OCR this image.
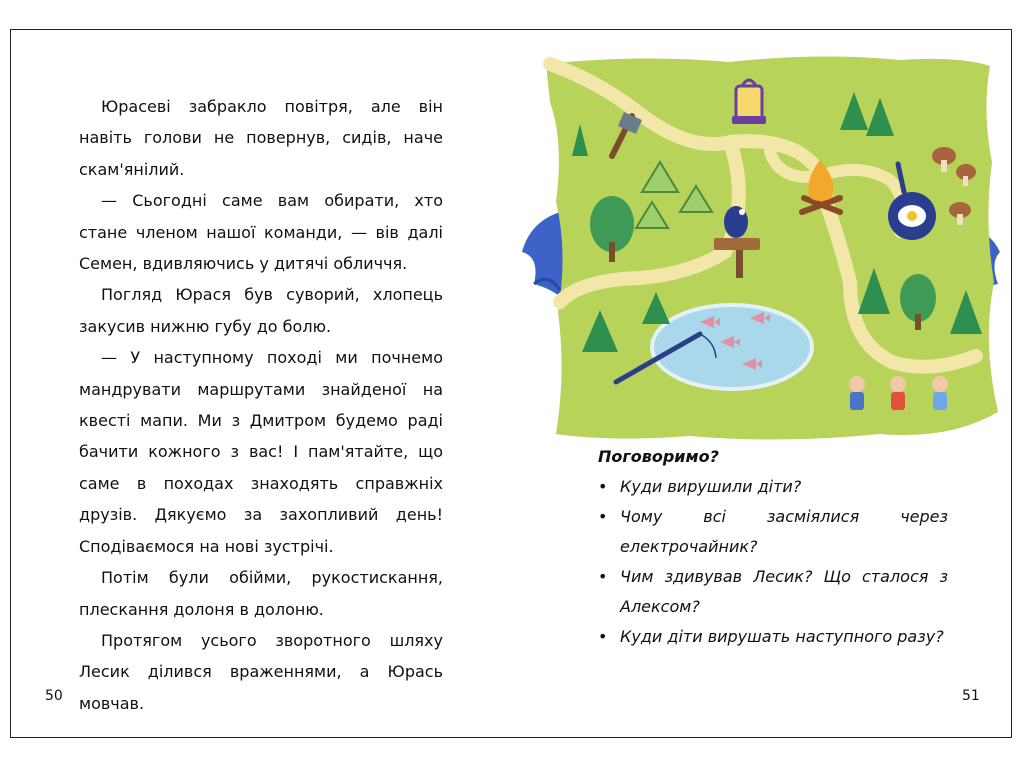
Юрасеві забракло повітря, але він навіть голови не повернув, сидів, наче скам'янілий.

— Сьогодні саме вам обирати, хто стане членом нашої команди, — вів далі Семен, вдивляючись у дитячі обличчя.

Погляд Юрася був суворий, хлопець закусив нижню губу до болю.

— У наступному поході ми почнемо мандрувати маршрутами знайденої на квесті мапи. Ми з Дмитром будемо раді бачити кожного з вас! І пам'ятайте, що саме в походах знаходять справжніх друзів. Дякуємо за захопливий день! Сподіваємося на нові зустрічі.

Потім були обійми, рукостискання, плескання долоня в долоню.

Протягом усього зворотного шляху Лесик ділився враженнями, а Юрась мовчав.

50
Поговоримо?
• Куди вирушили діти?
• Чому всі засміялися через електрочайник?
• Чим здивував Лесик? Що сталося з Алексом?
• Куди діти вирушать наступного разу?
51
